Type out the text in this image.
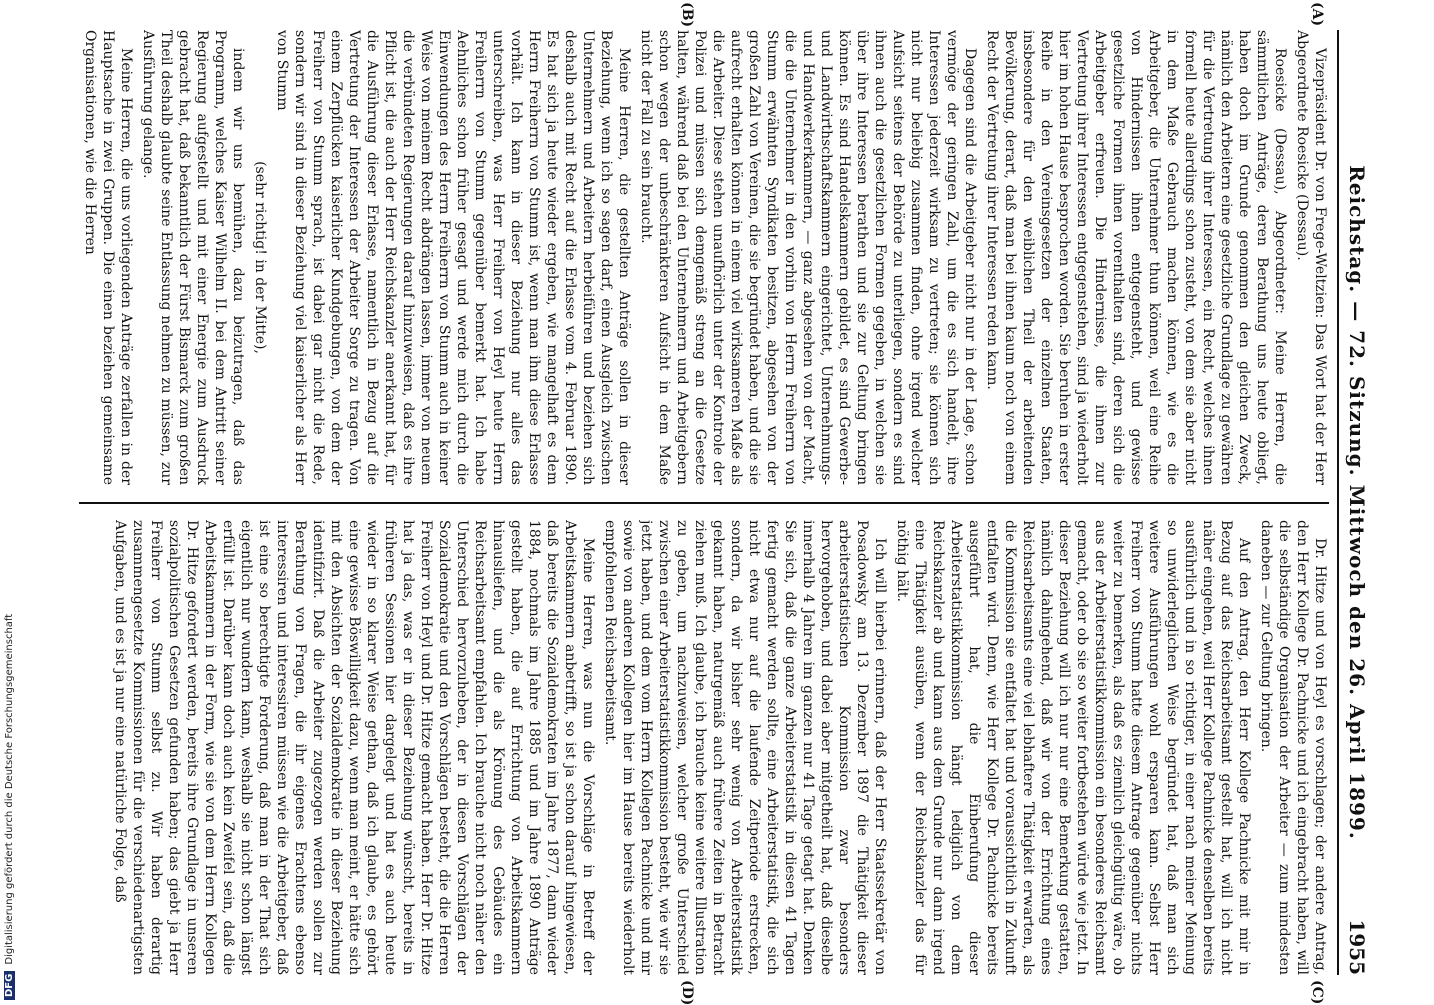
Reichstag. — 72. Sitzung. Mittwoch den 26. April 1899.
1955
(A)
(B)
(C)
(D)

Vizepräsident Dr. von Frege-Weltzien: Das Wort hat der Herr Abgeordnete Roesicke (Dessau).

Roesicke (Dessau), Abgeordneter: Meine Herren, die sämmtlichen Anträge, deren Berathung uns heute obliegt, haben doch im Grunde genommen den gleichen Zweck, nämlich den Arbeitern eine gesetzliche Grundlage zu gewähren für die Vertretung ihrer Interessen, ein Recht, welches ihnen formell heute allerdings schon zusteht, von dem sie aber nicht in dem Maße Gebrauch machen können, wie es die Arbeitgeber, die Unternehmer thun können, weil eine Reihe von Hindernissen ihnen entgegensteht, und gewisse gesetzliche Formen ihnen vorenthalten sind, deren sich die Arbeitgeber erfreuen. Die Hindernisse, die ihnen zur Vertretung ihrer Interessen entgegenstehen, sind ja wiederholt hier im hohen Hause besprochen worden. Sie beruhen in erster Reihe in den Vereinsgesetzen der einzelnen Staaten, insbesondere für den weiblichen Theil der arbeitenden Bevölkerung, derart, daß man bei ihnen kaum noch von einem Recht der Vertretung ihrer Interessen reden kann.

Dagegen sind die Arbeitgeber nicht nur in der Lage, schon vermöge der geringen Zahl, um die es sich handelt, ihre Interessen jederzeit wirksam zu vertreten; sie können sich nicht nur beliebig zusammen finden, ohne irgend welcher Aufsicht seitens der Behörde zu unterliegen, sondern es sind ihnen auch die gesetzlichen Formen gegeben, in welchen sie über ihre Interessen berathen und sie zur Geltung bringen können. Es sind Handelskammern gebildet, es sind Gewerbe- und Landwirthschaftskammern eingerichtet, Unternehmungs- und Handwerkerkammern, — ganz abgesehen von der Macht, die die Unternehmer in den vorhin von Herrn Freiherrn von Stumm erwähnten Syndikaten besitzen, abgesehen von der großen Zahl von Vereinen, die sie begründet haben, und die sie aufrecht erhalten können in einem viel wirksameren Maße als die Arbeiter. Diese stehen unaufhörlich unter der Kontrole der Polizei und müssen sich demgemäß streng an die Gesetze halten, während daß bei den Unternehmern und Arbeitgebern schon wegen der unbeschränkteren Aufsicht in dem Maße nicht der Fall zu sein braucht.

Meine Herren, die gestellten Anträge sollen in dieser Beziehung, wenn ich so sagen darf, einen Ausgleich zwischen Unternehmern und Arbeitern herbeiführen und beziehen sich deshalb auch mit Recht auf die Erlasse vom 4. Februar 1890. Es hat sich ja heute wieder ergeben, wie mangelhaft es dem Herrn Freiherrn von Stumm ist, wenn man ihm diese Erlasse vorhält. Ich kann in dieser Beziehung nur alles das unterschreiben, was Herr Freiherr von Heyl heute Herrn Freiherrn von Stumm gegenüber bemerkt hat. Ich habe Aehnliches schon früher gesagt und werde mich durch die Einwendungen des Herrn Freiherrn von Stumm auch in keiner Weise von meinem Recht abdrängen lassen, immer von neuem die verbündeten Regierungen darauf hinzuweisen, daß es ihre Pflicht ist, die auch der Herr Reichskanzler anerkannt hat, für die Ausführung dieser Erlasse, namentlich in Bezug auf die Vertretung der Interessen der Arbeiter Sorge zu tragen. Von einem Zerpflücken kaiserlicher Kundgebungen, von dem der Freiherr von Stumm sprach, ist dabei gar nicht die Rede, sondern wir sind in dieser Beziehung viel kaiserlicher als Herr von Stumm

(sehr richtig! in der Mitte),

indem wir uns bemühen, dazu beizutragen, daß das Programm, welches Kaiser Wilhelm II. bei dem Antritt seiner Regierung aufgestellt und mit einer Energie zum Ausdruck gebracht hat, daß bekanntlich der Fürst Bismarck zum großen Theil deshalb glaubte seine Entlassung nehmen zu müssen, zur Ausführung gelange.

Meine Herren, die uns vorliegenden Anträge zerfallen in der Hauptsache in zwei Gruppen. Die einen beziehen gemeinsame Organisationen, wie die Herren

Dr. Hitze und von Heyl es vorschlagen; der andere Antrag, den Herr Kollege Dr. Pachnicke und ich eingebracht haben, will die selbständige Organisation der Arbeiter — zum mindesten daneben — zur Geltung bringen.

Auf den Antrag, den Herr Kollege Pachnicke mit mir in Bezug auf das Reichsarbeitsamt gestellt hat, will ich nicht näher eingehen, weil Herr Kollege Pachnicke denselben bereits ausführlich und in so richtiger, in einer nach meiner Meinung so unwiderleglichen Weise begründet hat, daß man sich weitere Ausführungen wohl ersparen kann. Selbst Herr Freiherr von Stumm hatte diesem Antrage gegenüber nichts weiter zu bemerken, als daß es ziemlich gleichgültig wäre, ob aus der Arbeiterstatistikkommission ein besonderes Reichsamt gemacht, oder ob sie so weiter fortbestehen würde wie jetzt. In dieser Beziehung will ich nur nur eine Bemerkung gestatten, nämlich dahingehend, daß wir von der Errichtung eines Reichsarbeitsamts eine viel lebhaftere Thätigkeit erwarten, als die Kommission sie entfaltet hat und voraussichtlich in Zukunft entfalten wird. Denn, wie Herr Kollege Dr. Pachnicke bereits ausgeführt hat, die Einberufung dieser Arbeiterstatistikkommission hängt lediglich von dem Reichskanzler ab und kann aus dem Grunde nur dann irgend eine Thätigkeit ausüben, wenn der Reichskanzler das für nöthig hält.

Ich will hierbei erinnern, daß der Herr Staatssekretär von Posadowsky am 13. Dezember 1897 die Thätigkeit dieser arbeiterstatistischen Kommission zwar besonders hervorgehoben, und dabei aber mitgetheilt hat, daß dieselbe innerhalb 4 Jahren im ganzen nur 41 Tage getagt hat. Denken Sie sich, daß die ganze Arbeiterstatistik in diesen 41 Tagen fertig gemacht werden sollte, eine Arbeiterstatistik, die sich nicht etwa nur auf die laufende Zeitperiode erstrecken, sondern, da wir bisher sehr wenig von Arbeiterstatistik gekannt haben, naturgemäß auch frühere Zeiten in Betracht ziehen muß. Ich glaube, ich brauche keine weitere Illustration zu geben, um nachzuweisen, welcher große Unterschied zwischen einer Arbeiterstatistikkommission besteht, wie wir sie jetzt haben, und dem vom Herrn Kollegen Pachnicke und mir sowie von anderen Kollegen hier im Hause bereits wiederholt empfohlenen Reichsarbeitsamt.

Meine Herren, was nun die Vorschläge in Betreff der Arbeitskammern anbetrifft, so ist ja schon darauf hingewiesen, daß bereits die Sozialdemokraten im Jahre 1877, dann wieder 1884, nochmals im Jahre 1885 und im Jahre 1890 Anträge gestellt haben, die auf Errichtung von Arbeitskammern hinausliefen, und die als Krönung des Gebäudes ein Reichsarbeitsamt empfahlen. Ich brauche nicht noch näher den Unterschied hervorzuheben, der in diesen Vorschlägen der Sozialdemokratie und den Vorschlägen besteht, die die Herren Freiherr von Heyl und Dr. Hitze gemacht haben. Herr Dr. Hitze hat ja das, was er in dieser Beziehung wünscht, bereits in früheren Sessionen hier dargelegt und hat es auch heute wieder in so klarer Weise gethan, daß ich glaube, es gehört eine gewisse Böswilligkeit dazu, wenn man meint, er hätte sich mit den Absichten der Sozialdemokratie in dieser Beziehung identifizirt. Daß die Arbeiter zugezogen werden sollen zur Berathung von Fragen, die ihr eigenes Erachtens ebenso interessiren und interessiren müssen wie die Arbeitgeber, daß ist eine so berechtigte Forderung, daß man in der That sich eigentlich nur wundern kann, weshalb sie nicht schon längst erfüllt ist. Darüber kann doch auch kein Zweifel sein, daß die Arbeitskammern in der Form, wie sie von dem Herrn Kollegen Dr. Hitze gefordert werden, bereits ihre Grundlage in unseren sozialpolitischen Gesetzen gefunden haben; das giebt ja Herr Freiherr von Stumm selbst zu. Wir haben derartig zusammengesetzte Kommissionen für die verschiedenartigsten Aufgaben, und es ist ja nur eine natürliche Folge, daß

DFGDigitalisierung gefördert durch die Deutsche Forschungsgemeinschaft
